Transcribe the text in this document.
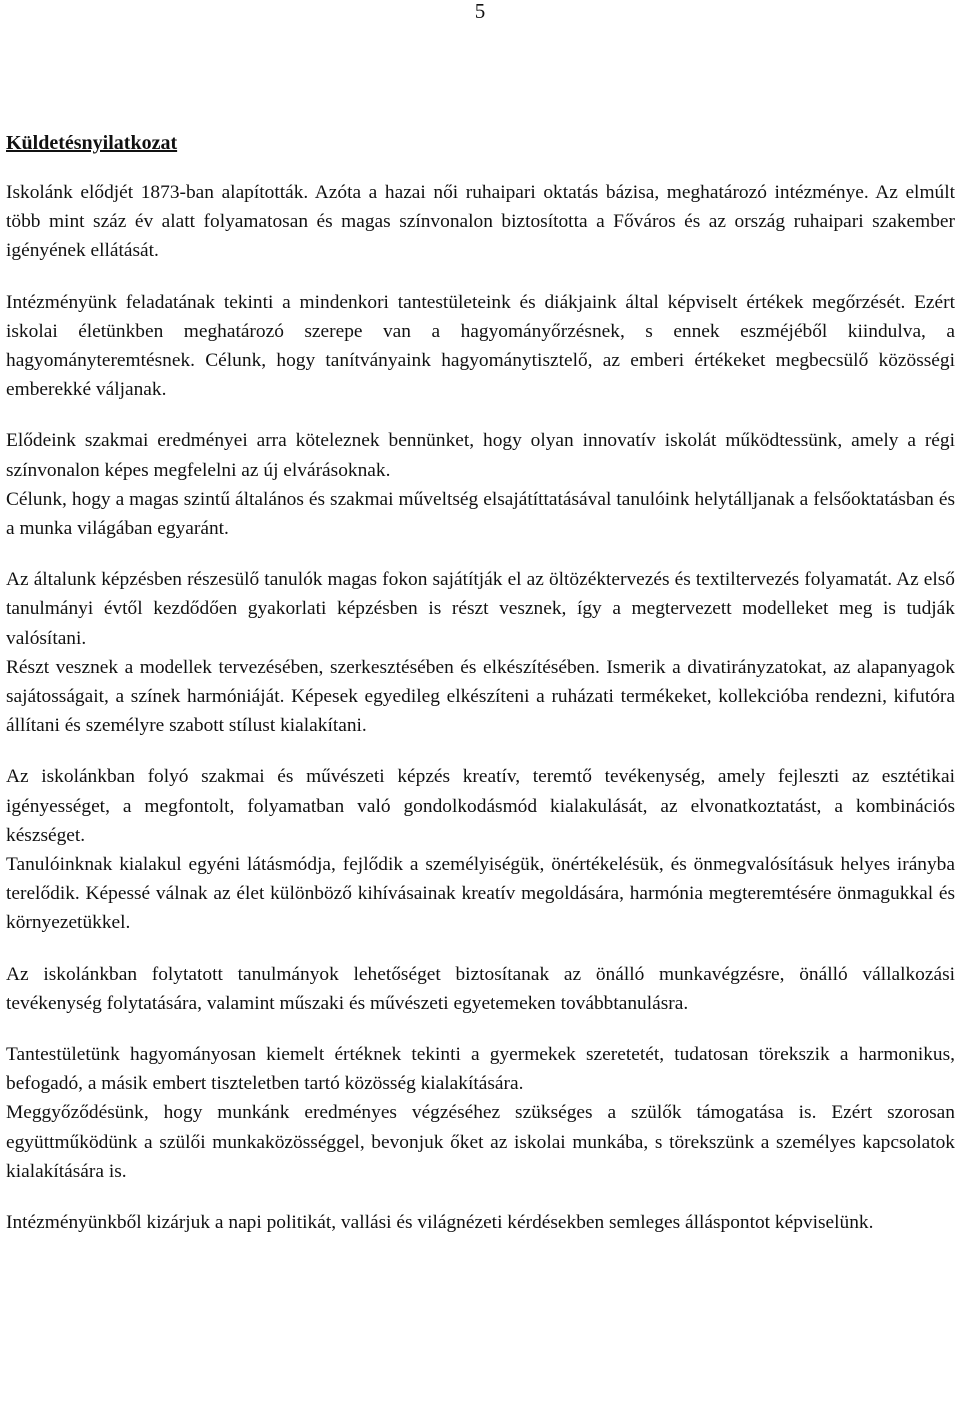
5
Küldetésnyilatkozat

Iskolánk elődjét 1873-ban alapították. Azóta a hazai női ruhaipari oktatás bázisa, meghatározó intézménye. Az elmúlt több mint száz év alatt folyamatosan és magas színvonalon biztosította a Főváros és az ország ruhaipari szakember igényének ellátását.

Intézményünk feladatának tekinti a mindenkori tantestületeink és diákjaink által képviselt értékek megőrzését. Ezért iskolai életünkben meghatározó szerepe van a hagyományőrzésnek, s ennek eszméjéből kiindulva, a hagyományteremtésnek. Célunk, hogy tanítványaink hagyománytisztelő, az emberi értékeket megbecsülő közösségi emberekké váljanak.

Elődeink szakmai eredményei arra köteleznek bennünket, hogy olyan innovatív iskolát működtessünk, amely a régi színvonalon képes megfelelni az új elvárásoknak.

Célunk, hogy a magas szintű általános és szakmai műveltség elsajátíttatásával tanulóink helytálljanak a felsőoktatásban és a munka világában egyaránt.

Az általunk képzésben részesülő tanulók magas fokon sajátítják el az öltözéktervezés és textiltervezés folyamatát. Az első tanulmányi évtől kezdődően gyakorlati képzésben is részt vesznek, így a megtervezett modelleket meg is tudják valósítani.

Részt vesznek a modellek tervezésében, szerkesztésében és elkészítésében. Ismerik a divatirányzatokat, az alapanyagok sajátosságait, a színek harmóniáját. Képesek egyedileg elkészíteni a ruházati termékeket, kollekcióba rendezni, kifutóra állítani és személyre szabott stílust kialakítani.

Az iskolánkban folyó szakmai és művészeti képzés kreatív, teremtő tevékenység, amely fejleszti az esztétikai igényességet, a megfontolt, folyamatban való gondolkodásmód kialakulását, az elvonatkoztatást, a kombinációs készséget.

Tanulóinknak kialakul egyéni látásmódja, fejlődik a személyiségük, önértékelésük, és önmegvalósításuk helyes irányba terelődik. Képessé válnak az élet különböző kihívásainak kreatív megoldására, harmónia megteremtésére önmagukkal és környezetükkel.

Az iskolánkban folytatott tanulmányok lehetőséget biztosítanak az önálló munkavégzésre, önálló vállalkozási tevékenység folytatására, valamint műszaki és művészeti egyetemeken továbbtanulásra.

Tantestületünk hagyományosan kiemelt értéknek tekinti a gyermekek szeretetét, tudatosan törekszik a harmonikus, befogadó, a másik embert tiszteletben tartó közösség kialakítására.

Meggyőződésünk, hogy munkánk eredményes végzéséhez szükséges a szülők támogatása is. Ezért szorosan együttműködünk a szülői munkaközösséggel, bevonjuk őket az iskolai munkába, s törekszünk a személyes kapcsolatok kialakítására is.

Intézményünkből kizárjuk a napi politikát, vallási és világnézeti kérdésekben semleges álláspontot képviselünk.
